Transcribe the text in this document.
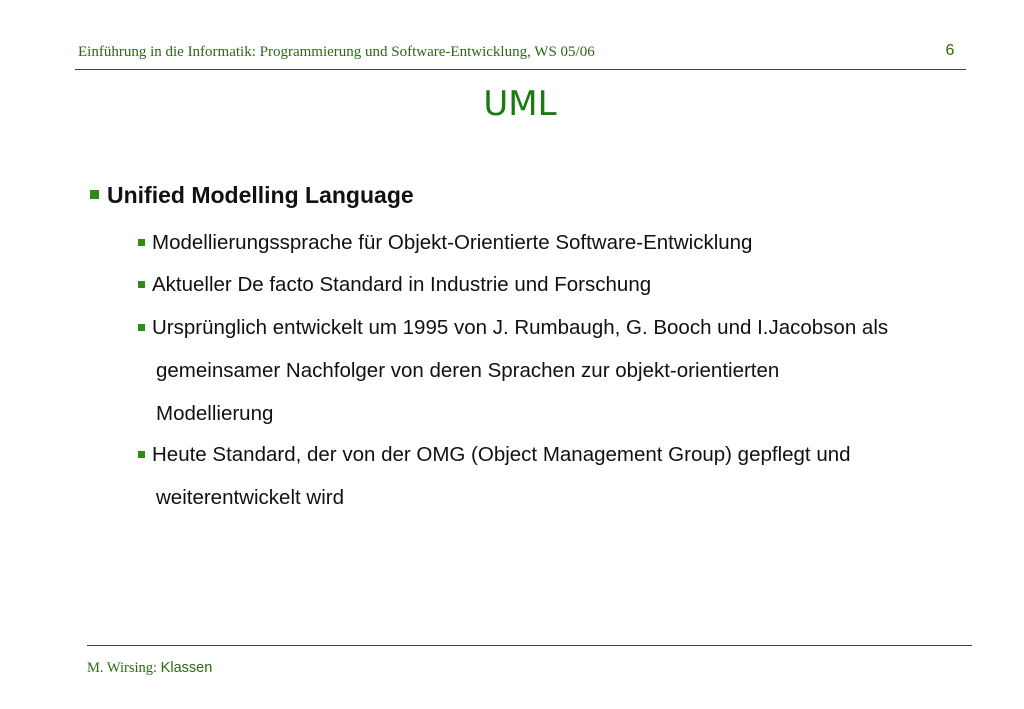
Einführung in die Informatik: Programmierung und Software-Entwicklung, WS 05/06	6
UML
Unified Modelling Language
Modellierungssprache für Objekt-Orientierte Software-Entwicklung
Aktueller De facto Standard in Industrie und Forschung
Ursprünglich entwickelt um 1995 von J. Rumbaugh, G. Booch und I.Jacobson als
gemeinsamer Nachfolger von deren Sprachen zur objekt-orientierten
Modellierung
Heute Standard, der von der OMG (Object Management Group) gepflegt und
weiterentwickelt wird
M. Wirsing: Klassen
